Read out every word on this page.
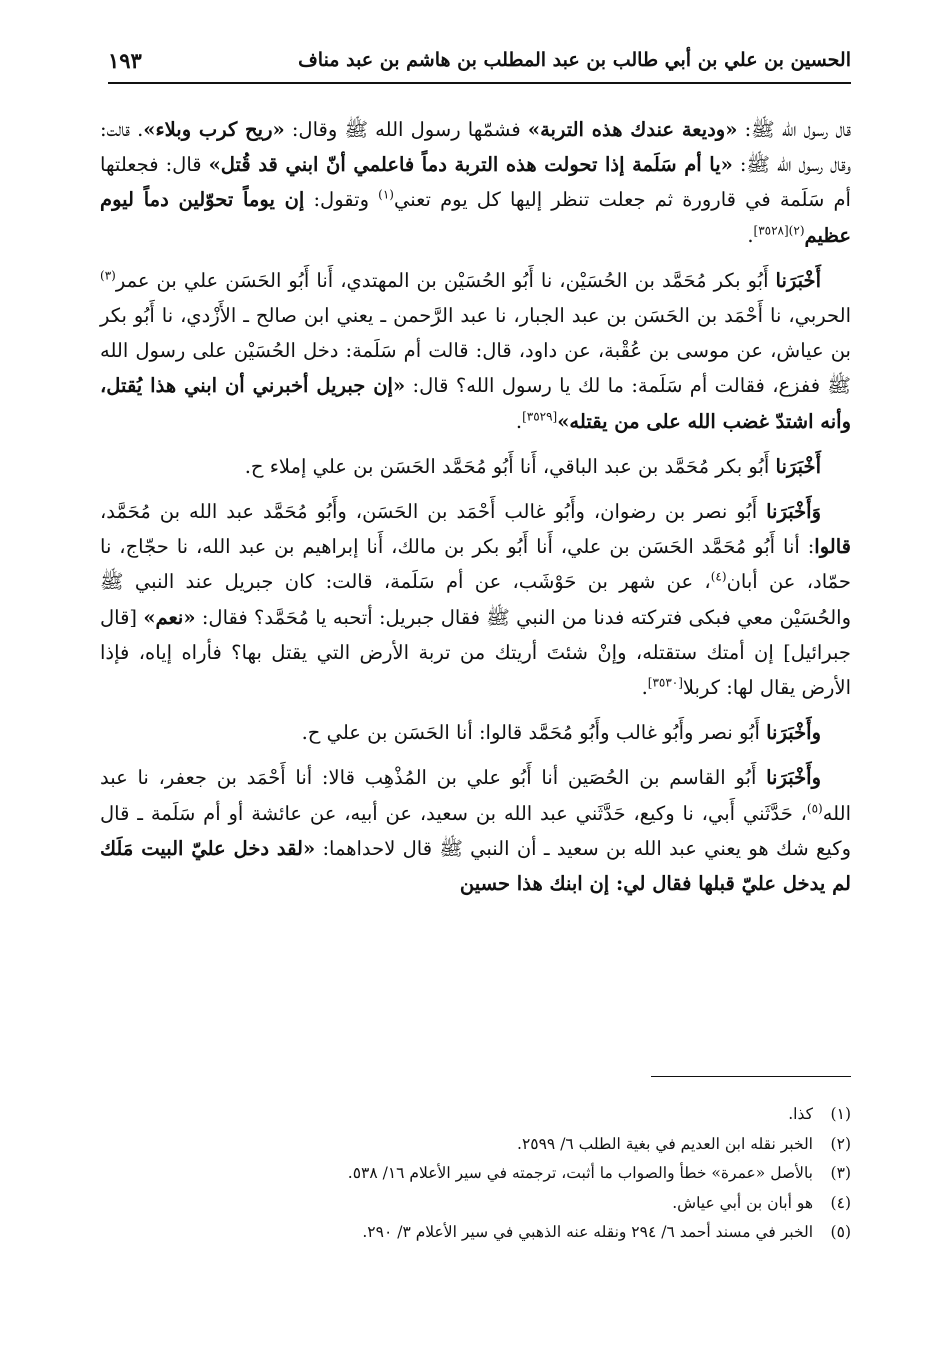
الحسين بن علي بن أبي طالب بن عبد المطلب بن هاشم بن عبد مناف
١٩٣

قال رسول الله ﷺ: «وديعة عندك هذه التربة» فشمّها رسول الله ﷺ وقال: «ريح كرب وبلاء». قالت: وقال رسول الله ﷺ: «يا أم سَلَمة إذا تحولت هذه التربة دماً فاعلمي أنّ ابني قد قُتل» قال: فجعلتها أم سَلَمة في قارورة ثم جعلت تنظر إليها كل يوم تعني$^{(١)}$ وتقول: إن يوماً تحوّلين دماً ليوم عظيم$^{(٢)[٣٥٢٨]}$.

أَخْبَرَنا أَبُو بكر مُحَمَّد بن الحُسَيْن، نا أَبُو الحُسَيْن بن المهتدي، أَنا أَبُو الحَسَن علي بن عمر$^{(٣)}$ الحربي، نا أَحْمَد بن الحَسَن بن عبد الجبار، نا عبد الرَّحمن ـ يعني ابن صالح ـ الأَزْدي، نا أَبُو بكر بن عياش، عن موسى بن عُقْبة، عن داود، قال: قالت أم سَلَمة: دخل الحُسَيْن على رسول الله ﷺ ففزع، فقالت أم سَلَمة: ما لك يا رسول الله؟ قال: «إن جبريل أخبرني أن ابني هذا يُقتل، وأنه اشتدّ غضب الله على من يقتله»[٣٥٢٩].

أَخْبَرَنا أَبُو بكر مُحَمَّد بن عبد الباقي، أَنا أَبُو مُحَمَّد الحَسَن بن علي إملاء ح.

وَأَخْبَرَنا أَبُو نصر بن رضوان، وأَبُو غالب أَحْمَد بن الحَسَن، وأَبُو مُحَمَّد عبد الله بن مُحَمَّد، قالوا: أنا أَبُو مُحَمَّد الحَسَن بن علي، أَنا أَبُو بكر بن مالك، أَنا إبراهيم بن عبد الله، نا حجّاج، نا حمّاد، عن أبان$^{(٤)}$، عن شهر بن حَوْشَب، عن أم سَلَمة، قالت: كان جبريل عند النبي ﷺ والحُسَيْن معي فبكى فتركته فدنا من النبي ﷺ فقال جبريل: أتحبه يا مُحَمَّد؟ فقال: «نعم» [قال جبرائيل] إن أمتك ستقتله، وإنْ شئتَ أريتك من تربة الأرض التي يقتل بها؟ فأراه إياه، فإذا الأرض يقال لها: كربلا[٣٥٣٠].

وأَخْبَرَنا أَبُو نصر وأَبُو غالب وأَبُو مُحَمَّد قالوا: أنا الحَسَن بن علي ح.

وأَخْبَرَنا أَبُو القاسم بن الحُصَين أنا أَبُو علي بن المُذْهِب قالا: أنا أَحْمَد بن جعفر، نا عبد الله$^{(٥)}$، حَدَّثَني أَبي، نا وكيع، حَدَّثَني عبد الله بن سعيد، عن أبيه، عن عائشة أو أم سَلَمة ـ قال وكيع شك هو يعني عبد الله بن سعيد ـ أن النبي ﷺ قال لاحداهما: «لقد دخل عليّ البيت مَلَك لم يدخل عليّ قبلها فقال لي: إن ابنك هذا حسين

(١)
كذا.
(٢)
الخبر نقله ابن العديم في بغية الطلب ٦/ ٢٥٩٩.
(٣)
بالأصل «عمرة» خطأ والصواب ما أثبت، ترجمته في سير الأعلام ١٦/ ٥٣٨.
(٤)
هو أبان بن أبي عياش.
(٥)
الخبر في مسند أحمد ٦/ ٢٩٤ ونقله عنه الذهبي في سير الأعلام ٣/ ٢٩٠.
